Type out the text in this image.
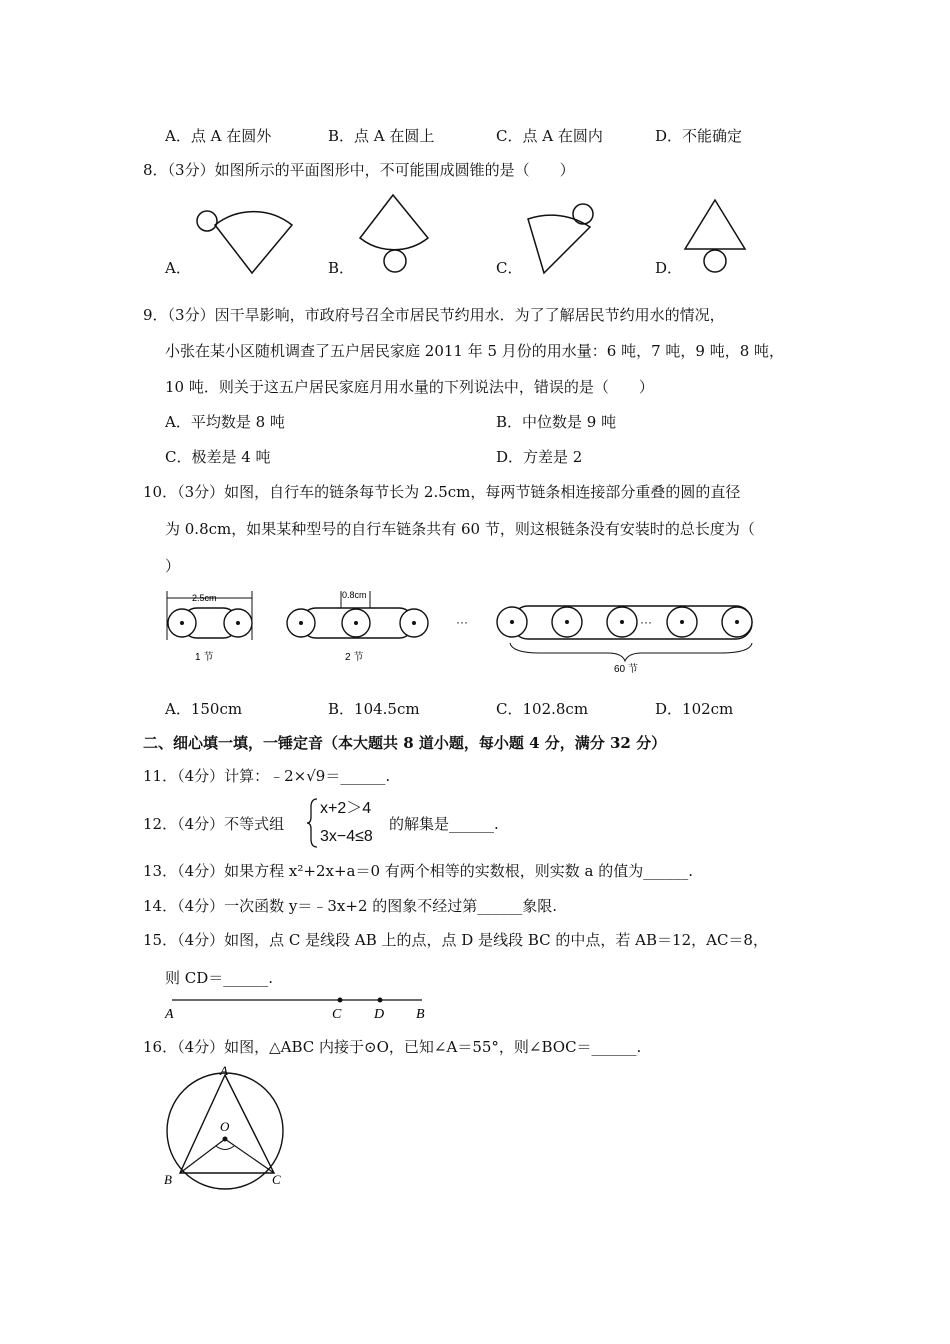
A．点 A 在圆外	B．点 A 在圆上	C．点 A 在圆内	D．不能确定
8．（3分）如图所示的平面图形中，不可能围成圆锥的是（　　）
A．	B．	C．	D．
9．（3分）因干旱影响，市政府号召全市居民节约用水．为了了解居民节约用水的情况，
小张在某小区随机调查了五户居民家庭 2011 年 5 月份的用水量：6 吨，7 吨，9 吨，8 吨，
10 吨．则关于这五户居民家庭月用水量的下列说法中，错误的是（　　）
A．平均数是 8 吨	B．中位数是 9 吨
C．极差是 4 吨	D．方差是 2
10．（3分）如图，自行车的链条每节长为 2.5cm，每两节链条相连接部分重叠的圆的直径
为 0.8cm，如果某种型号的自行车链条共有 60 节，则这根链条没有安装时的总长度为（
）
2.5cm
1 节
0.8cm
2 节
···	···
60 节
A．150cm	B．104.5cm	C．102.8cm	D．102cm
二、细心填一填，一锤定音（本大题共 8 道小题，每小题 4 分，满分 32 分）
11．（4分）计算：﹣2×√9＝______.
12．（4分）不等式组
x+2＞4
3x−4≤8
的解集是______.
13．（4分）如果方程 x²+2x+a＝0 有两个相等的实数根，则实数 a 的值为______.
14．（4分）一次函数 y＝﹣3x+2 的图象不经过第______象限.
15．（4分）如图，点 C 是线段 AB 上的点，点 D 是线段 BC 的中点，若 AB＝12，AC＝8，
则 CD＝______.
A	C D B
16．（4分）如图，△ABC 内接于⊙O，已知∠A＝55°，则∠BOC＝______.
A
O
B	C
